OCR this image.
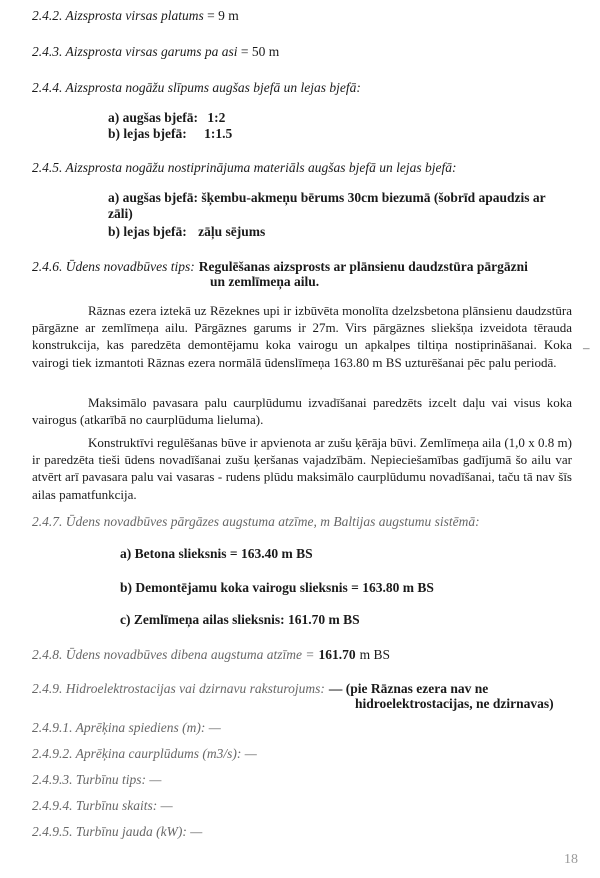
2.4.2. Aizsprosta virsas platums = 9 m
2.4.3. Aizsprosta virsas garums pa asi = 50 m
2.4.4. Aizsprosta nogāžu slīpums augšas bjefā un lejas bjefā:
a) augšas bjefā: 1:2
b) lejas bjefā: 1:1.5
2.4.5. Aizsprosta nogāžu nostiprinājuma materiāls augšas bjefā un lejas bjefā:
a) augšas bjefā: šķembu-akmeņu bērums 30cm biezumā (šobrīd apaudzis ar
zāli)
b) lejas bjefā: zāļu sējums
2.4.6. Ūdens novadbūves tips: Regulēšanas aizsprosts ar plānsienu daudzstūra pārgāzni
un zemlīmeņa ailu.

Rāznas ezera iztekā uz Rēzeknes upi ir izbūvēta monolīta dzelzsbetona plānsienu daudzstūra pārgāzne ar zemlīmeņa ailu. Pārgāznes garums ir 27m. Virs pārgāznes sliekšņa izveidota tērauda konstrukcija, kas paredzēta demontējamu koka vairogu un apkalpes tiltiņa nostiprināšanai. Koka vairogi tiek izmantoti Rāznas ezera normālā ūdenslīmeņa 163.80 m BS uzturēšanai pēc palu periodā.

–

Maksimālo pavasara palu caurplūdumu izvadīšanai paredzēts izcelt daļu vai visus koka vairogus (atkarībā no caurplūduma lieluma).

Konstruktīvi regulēšanas būve ir apvienota ar zušu ķērāja būvi. Zemlīmeņa aila (1,0 x 0.8 m) ir paredzēta tieši ūdens novadīšanai zušu ķeršanas vajadzībām. Nepieciešamības gadījumā šo ailu var atvērt arī pavasara palu vai vasaras - rudens plūdu maksimālo caurplūdumu novadīšanai, taču tā nav šīs ailas pamatfunkcija.

2.4.7. Ūdens novadbūves pārgāzes augstuma atzīme, m Baltijas augstumu sistēmā:
a) Betona slieksnis = 163.40 m BS
b) Demontējamu koka vairogu slieksnis = 163.80 m BS
c) Zemlīmeņa ailas slieksnis: 161.70 m BS
2.4.8. Ūdens novadbūves dibena augstuma atzīme = 161.70 m BS
2.4.9. Hidroelektrostacijas vai dzirnavu raksturojums: — (pie Rāznas ezera nav ne
hidroelektrostacijas, ne dzirnavas)
2.4.9.1. Aprēķina spiediens (m): —
2.4.9.2. Aprēķina caurplūdums (m3/s): —
2.4.9.3. Turbīnu tips: —
2.4.9.4. Turbīnu skaits: —
2.4.9.5. Turbīnu jauda (kW): —
18
